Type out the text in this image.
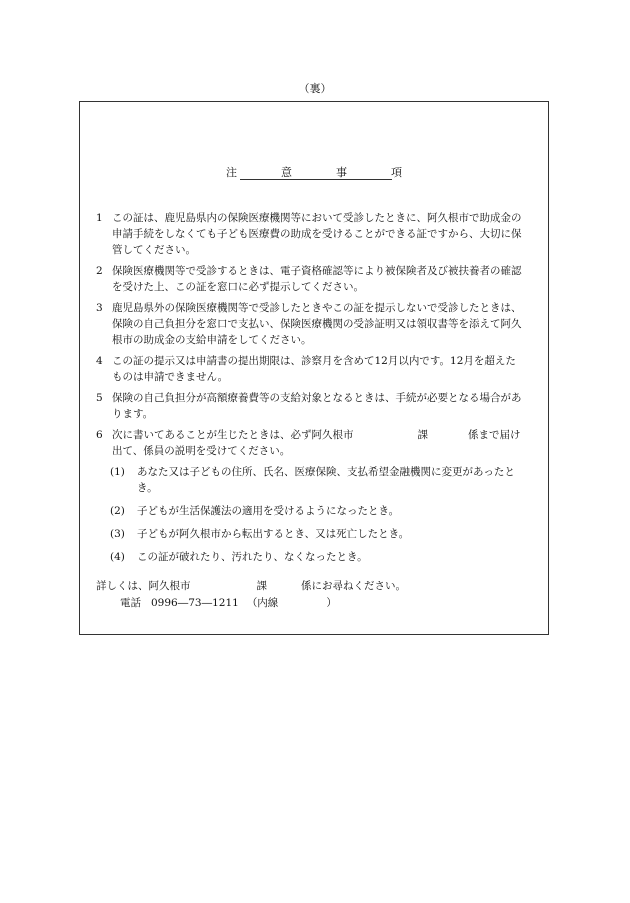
（裏）
注	意	事	項
1 この証は、鹿児島県内の保険医療機関等において受診したときに、阿久根市で助成金の申請手続をしなくても子ども医療費の助成を受けることができる証ですから、大切に保管してください。
2 保険医療機関等で受診するときは、電子資格確認等により被保険者及び被扶養者の確認を受けた上、この証を窓口に必ず提示してください。
3 鹿児島県外の保険医療機関等で受診したときやこの証を提示しないで受診したときは、保険の自己負担分を窓口で支払い、保険医療機関の受診証明又は領収書等を添えて阿久根市の助成金の支給申請をしてください。
4 この証の提示又は申請書の提出期限は、診察月を含めて12月以内です。12月を超えたものは申請できません。
5 保険の自己負担分が高額療養費等の支給対象となるときは、手続が必要となる場合があります。
6 次に書いてあることが生じたときは、必ず阿久根市	課	係まで届け出て、係員の説明を受けてください。
(1)	あなた又は子どもの住所、氏名、医療保険、支払希望金融機関に変更があったとき。
(2)	子どもが生活保護法の適用を受けるようになったとき。
(3)	子どもが阿久根市から転出するとき、又は死亡したとき。
(4)	この証が破れたり、汚れたり、なくなったとき。
詳しくは、阿久根市	課	係にお尋ねください。
電話 0996―73―1211 （内線	）
